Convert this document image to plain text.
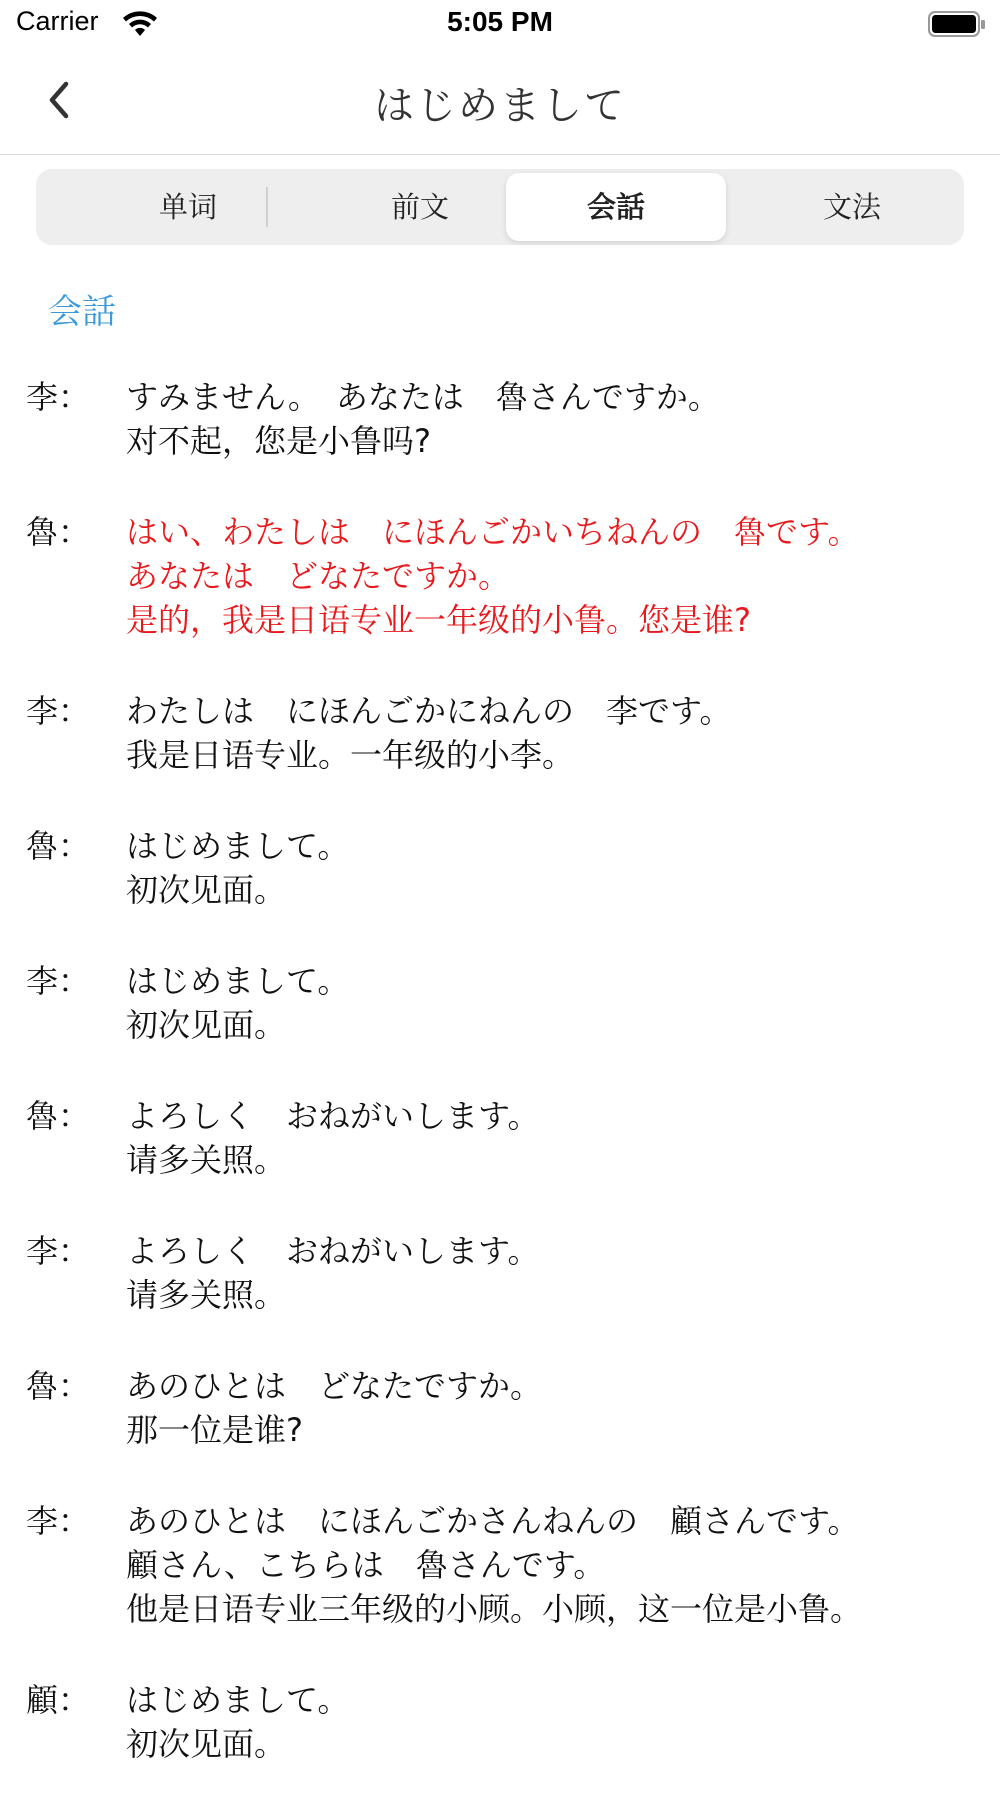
Carrier	5:05 PM
はじめまして
单词	前文	会話	文法
会話
李： すみません。　あなたは　魯さんですか。
对不起，您是小鲁吗?
魯： はい、わたしは　にほんごかいちねんの　魯です。
あなたは　どなたですか。
是的，我是日语专业一年级的小鲁。您是谁?
李： わたしは　にほんごかにねんの　李です。
我是日语专业。一年级的小李。
魯： はじめまして。
初次见面。
李： はじめまして。
初次见面。
魯： よろしく　おねがいします。
请多关照。
李： よろしく　おねがいします。
请多关照。
魯： あのひとは　どなたですか。
那一位是谁?
李： あのひとは　にほんごかさんねんの　顧さんです。
顧さん、こちらは　魯さんです。
他是日语专业三年级的小顾。小顾，这一位是小鲁。
顧： はじめまして。
初次见面。
